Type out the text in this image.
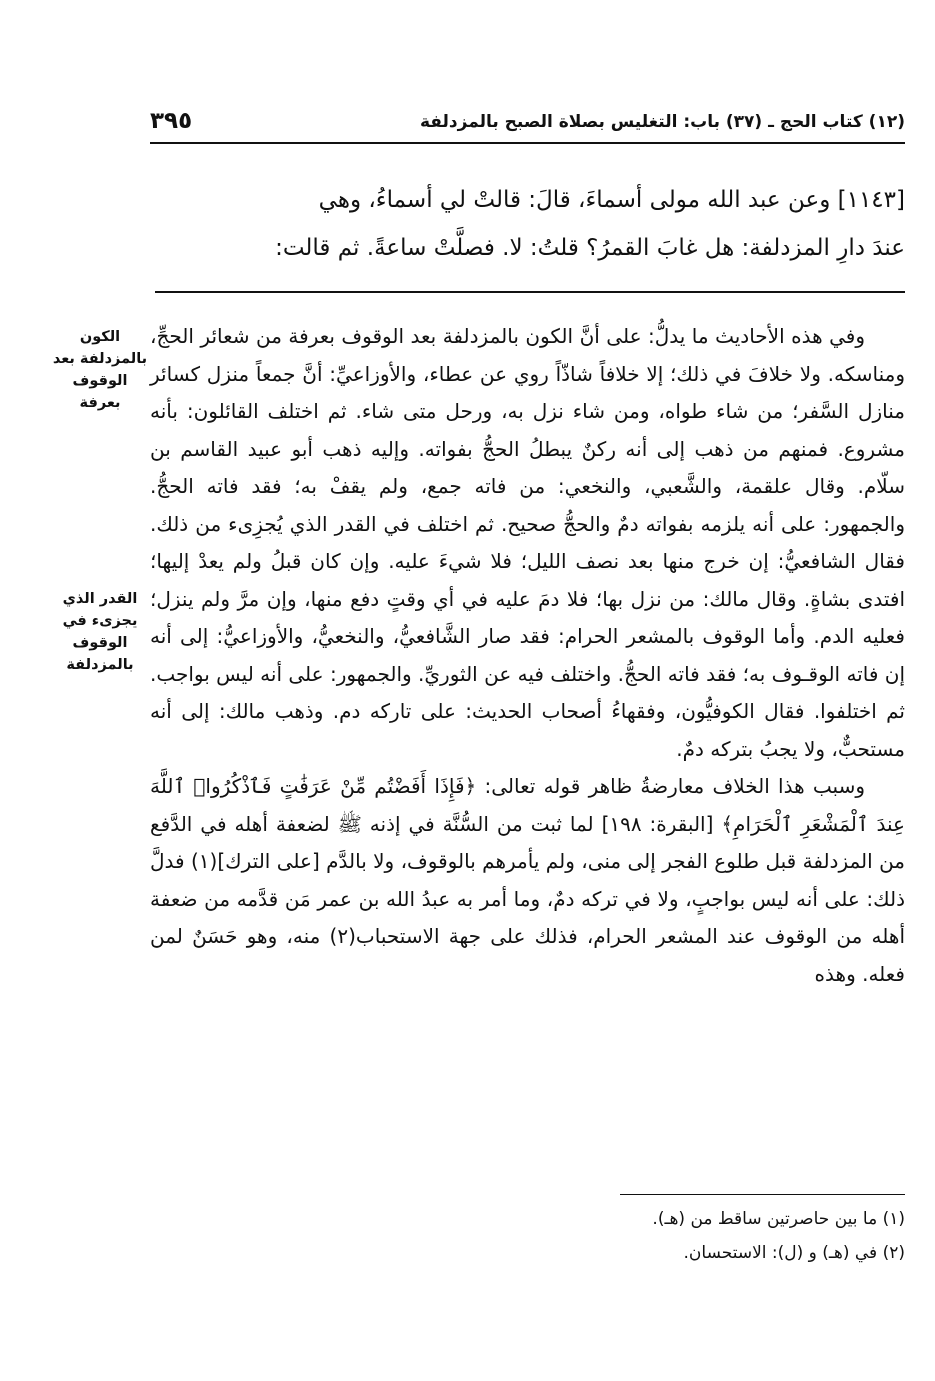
(١٢) كتاب الحج ـ (٣٧) باب: التغليس بصلاة الصبح بالمزدلفة
٣٩٥

[١١٤٣] وعن عبد الله مولى أسماءَ، قالَ: قالتْ لي أسماءُ، وهي

عندَ دارِ المزدلفة: هل غابَ القمرُ؟ قلتُ: لا. فصلَّتْ ساعةً. ثم قالت:

الكون بالمزدلفة بعد الوقوف بعرفة
القدر الذي يجزىء في الوقوف بالمزدلفة

وفي هذه الأحاديث ما يدلُّ: على أنَّ الكون بالمزدلفة بعد الوقوف بعرفة من شعائر الحجِّ، ومناسكه. ولا خلافَ في ذلك؛ إلا خلافاً شاذّاً روي عن عطاء، والأوزاعيِّ: أنَّ جمعاً منزل كسائر منازل السَّفر؛ من شاء طواه، ومن شاء نزل به، ورحل متى شاء. ثم اختلف القائلون: بأنه مشروع. فمنهم من ذهب إلى أنه ركنٌ يبطلُ الحجُّ بفواته. وإليه ذهب أبو عبيد القاسم بن سلّام. وقال علقمة، والشَّعبي، والنخعي: من فاته جمع، ولم يقفْ به؛ فقد فاته الحجُّ. والجمهور: على أنه يلزمه بفواته دمٌ والحجُّ صحيح. ثم اختلف في القدر الذي يُجزِىء من ذلك. فقال الشافعيُّ: إن خرج منها بعد نصف الليل؛ فلا شيءَ عليه. وإن كان قبلُ ولم يعدْ إليها؛ افتدى بشاةٍ. وقال مالك: من نزل بها؛ فلا دمَ عليه في أي وقتٍ دفع منها، وإن مرَّ ولم ينزل؛ فعليه الدم. وأما الوقوف بالمشعر الحرام: فقد صار الشَّافعيُّ، والنخعيُّ، والأوزاعيُّ: إلى أنه إن فاته الوقـوف به؛ فقد فاته الحجُّ. واختلف فيه عن الثوريِّ. والجمهور: على أنه ليس بواجب. ثم اختلفوا. فقال الكوفيُّون، وفقهاءُ أصحاب الحديث: على تاركه دم. وذهب مالك: إلى أنه مستحبٌّ، ولا يجبُ بتركه دمٌ.

وسبب هذا الخلاف معارضةُ ظاهر قوله تعالى: ﴿فَإِذَا أَفَضْتُم مِّنْ عَرَفَٰتٍ فَٱذْكُرُوا۟ ٱللَّهَ عِندَ ٱلْمَشْعَرِ ٱلْحَرَامِ﴾ [البقرة: ١٩٨] لما ثبت من السُّنَّة في إذنه ﷺ لضعفة أهله في الدَّفع من المزدلفة قبل طلوع الفجر إلى منى، ولم يأمرهم بالوقوف، ولا بالدَّم [على الترك](١) فدلَّ ذلك: على أنه ليس بواجبٍ، ولا في تركه دمٌ، وما أمر به عبدُ الله بن عمر مَن قدَّمه من ضعفة أهله من الوقوف عند المشعر الحرام، فذلك على جهة الاستحباب(٢) منه، وهو حَسَنٌ لمن فعله. وهذه

(١) ما بين حاصرتين ساقط من (هـ).
(٢) في (هـ) و (ل): الاستحسان.
